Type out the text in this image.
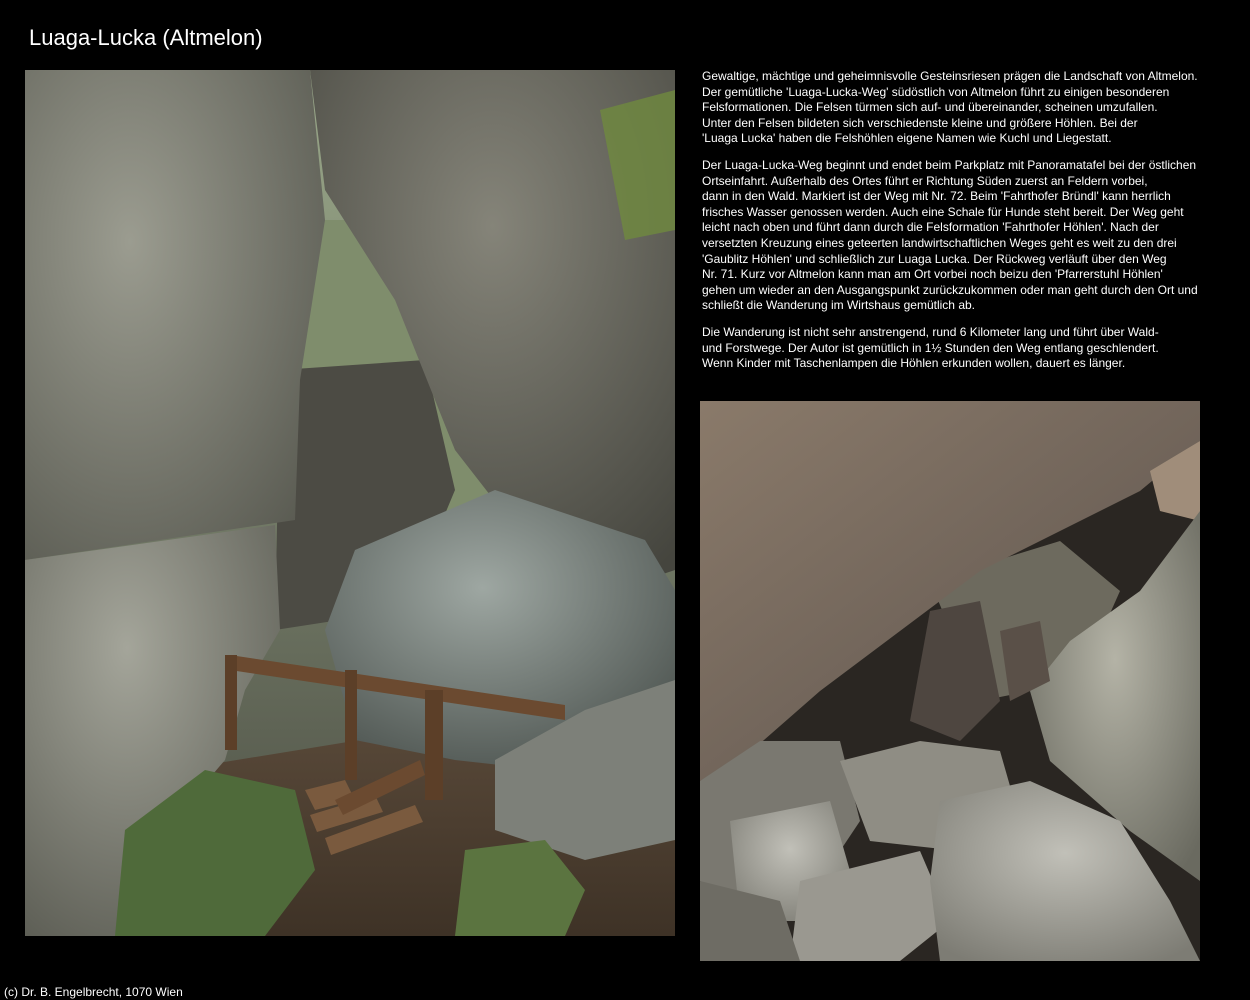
Luaga-Lucka (Altmelon)

Gewaltige, mächtige und geheimnisvolle Gesteinsriesen prägen die Landschaft von Altmelon.
Der gemütliche 'Luaga-Lucka-Weg' südöstlich von Altmelon führt zu einigen besonderen
Felsformationen. Die Felsen türmen sich auf- und übereinander, scheinen umzufallen.
Unter den Felsen bildeten sich verschiedenste kleine und größere Höhlen. Bei der
'Luaga Lucka' haben die Felshöhlen eigene Namen wie Kuchl und Liegestatt.

Der Luaga-Lucka-Weg beginnt und endet beim Parkplatz mit Panoramatafel bei der östlichen
Ortseinfahrt. Außerhalb des Ortes führt er Richtung Süden zuerst an Feldern vorbei,
dann in den Wald. Markiert ist der Weg mit Nr. 72. Beim 'Fahrthofer Bründl' kann herrlich
frisches Wasser genossen werden. Auch eine Schale für Hunde steht bereit. Der Weg geht
leicht nach oben und führt dann durch die Felsformation 'Fahrthofer Höhlen'. Nach der
versetzten Kreuzung eines geteerten landwirtschaftlichen Weges geht es weit zu den drei
'Gaublitz Höhlen' und schließlich zur Luaga Lucka. Der Rückweg verläuft über den Weg
Nr. 71. Kurz vor Altmelon kann man am Ort vorbei noch beizu den 'Pfarrerstuhl Höhlen'
gehen um wieder an den Ausgangspunkt zurückzukommen oder man geht durch den Ort und
schließt die Wanderung im Wirtshaus gemütlich ab.

Die Wanderung ist nicht sehr anstrengend, rund 6 Kilometer lang und führt über Wald-
und Forstwege. Der Autor ist gemütlich in 1½ Stunden den Weg entlang geschlendert.
Wenn Kinder mit Taschenlampen die Höhlen erkunden wollen, dauert es länger.

(c) Dr. B. Engelbrecht, 1070 Wien
